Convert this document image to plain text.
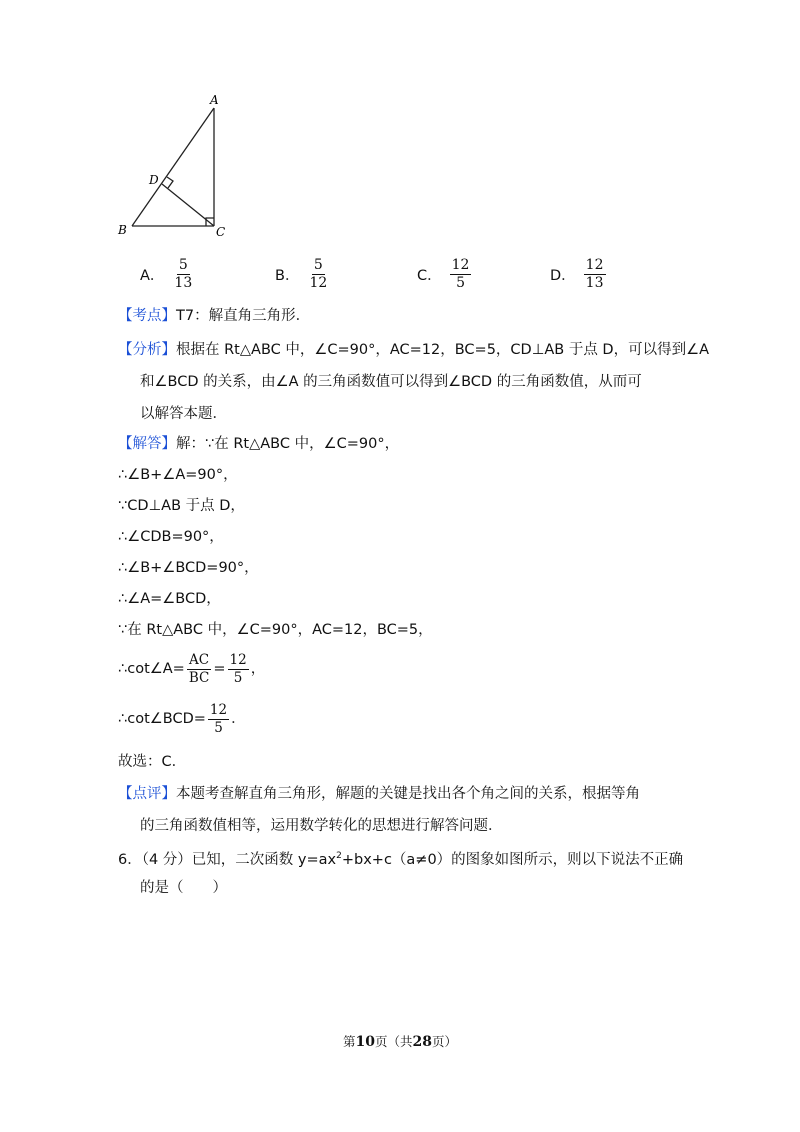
A
D
B	C
A． $\frac{5}{13}$	B． $\frac{5}{12}$	C． $\frac{12}{5}$	D． $\frac{12}{13}$
【考点】T7：解直角三角形．
【分析】根据在 Rt△ABC 中，∠C=90°，AC=12，BC=5，CD⊥AB 于点 D，可以得到∠A
和∠BCD 的关系，由∠A 的三角函数值可以得到∠BCD 的三角函数值，从而可
以解答本题．
【解答】解：∵在 Rt△ABC 中，∠C=90°，
∴∠B+∠A=90°，
∵CD⊥AB 于点 D，
∴∠CDB=90°，
∴∠B+∠BCD=90°，
∴∠A=∠BCD，
∵在 Rt△ABC 中，∠C=90°，AC=12，BC=5，
∴cot∠A= $\frac{AC}{BC} = \frac{12}{5}$ ，
∴cot∠BCD= $\frac{12}{5}$ ．
故选：C．
【点评】本题考查解直角三角形，解题的关键是找出各个角之间的关系，根据等角
的三角函数值相等，运用数学转化的思想进行解答问题．
6．（4 分）已知，二次函数 $y=ax^2+bx+c(a\ne 0)$的图象如图所示，则以下说法不正确
的是（　　）
第10页（共28页）
